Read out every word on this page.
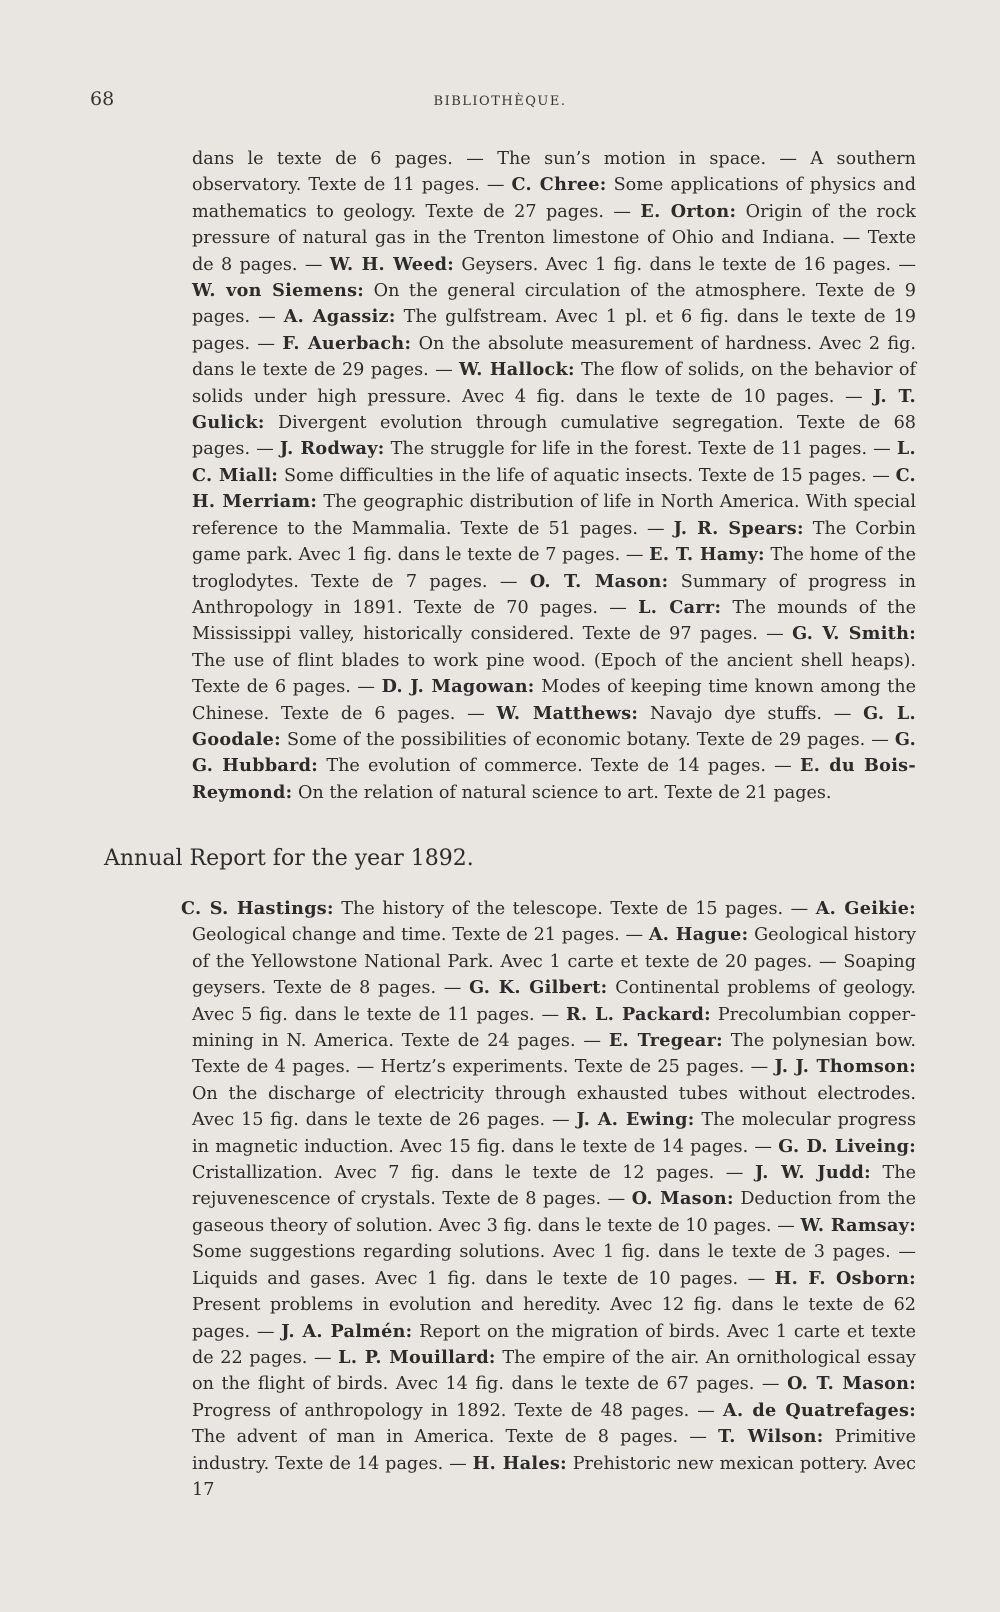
68	BIBLIOTHÈQUE.

dans le texte de 6 pages. — The sun’s motion in space. — A southern observatory. Texte de 11 pages. — C. Chree: Some applications of physics and mathematics to geology. Texte de 27 pages. — E. Orton: Origin of the rock pressure of natural gas in the Trenton limestone of Ohio and Indiana. — Texte de 8 pages. — W. H. Weed: Geysers. Avec 1 fig. dans le texte de 16 pages. — W. von Siemens: On the general circulation of the atmosphere. Texte de 9 pages. — A. Agassiz: The gulfstream. Avec 1 pl. et 6 fig. dans le texte de 19 pages. — F. Auerbach: On the absolute measurement of hardness. Avec 2 fig. dans le texte de 29 pages. — W. Hallock: The flow of solids, on the behavior of solids under high pressure. Avec 4 fig. dans le texte de 10 pages. — J. T. Gulick: Divergent evolution through cumulative segregation. Texte de 68 pages. — J. Rodway: The struggle for life in the forest. Texte de 11 pages. — L. C. Miall: Some difficulties in the life of aquatic insects. Texte de 15 pages. — C. H. Merriam: The geographic distribution of life in North America. With special reference to the Mammalia. Texte de 51 pages. — J. R. Spears: The Corbin game park. Avec 1 fig. dans le texte de 7 pages. — E. T. Hamy: The home of the troglodytes. Texte de 7 pages. — O. T. Mason: Summary of progress in Anthropology in 1891. Texte de 70 pages. — L. Carr: The mounds of the Mississippi valley, historically considered. Texte de 97 pages. — G. V. Smith: The use of flint blades to work pine wood. (Epoch of the ancient shell heaps). Texte de 6 pages. — D. J. Magowan: Modes of keeping time known among the Chinese. Texte de 6 pages. — W. Matthews: Navajo dye stuffs. — G. L. Goodale: Some of the possibilities of economic botany. Texte de 29 pages. — G. G. Hubbard: The evolution of commerce. Texte de 14 pages. — E. du Bois-Reymond: On the relation of natural science to art. Texte de 21 pages.

Annual Report for the year 1892.

C. S. Hastings: The history of the telescope. Texte de 15 pages. — A. Geikie: Geological change and time. Texte de 21 pages. — A. Hague: Geological history of the Yellowstone National Park. Avec 1 carte et texte de 20 pages. — Soaping geysers. Texte de 8 pages. — G. K. Gilbert: Continental problems of geology. Avec 5 fig. dans le texte de 11 pages. — R. L. Packard: Precolumbian copper-mining in N. America. Texte de 24 pages. — E. Tregear: The polynesian bow. Texte de 4 pages. — Hertz’s experiments. Texte de 25 pages. — J. J. Thomson: On the discharge of electricity through exhausted tubes without electrodes. Avec 15 fig. dans le texte de 26 pages. — J. A. Ewing: The molecular progress in magnetic induction. Avec 15 fig. dans le texte de 14 pages. — G. D. Liveing: Cristallization. Avec 7 fig. dans le texte de 12 pages. — J. W. Judd: The rejuvenescence of crystals. Texte de 8 pages. — O. Mason: Deduction from the gaseous theory of solution. Avec 3 fig. dans le texte de 10 pages. — W. Ramsay: Some suggestions regarding solutions. Avec 1 fig. dans le texte de 3 pages. — Liquids and gases. Avec 1 fig. dans le texte de 10 pages. — H. F. Osborn: Present problems in evolution and heredity. Avec 12 fig. dans le texte de 62 pages. — J. A. Palmén: Report on the migration of birds. Avec 1 carte et texte de 22 pages. — L. P. Mouillard: The empire of the air. An ornithological essay on the flight of birds. Avec 14 fig. dans le texte de 67 pages. — O. T. Mason: Progress of anthropology in 1892. Texte de 48 pages. — A. de Quatrefages: The advent of man in America. Texte de 8 pages. — T. Wilson: Primitive industry. Texte de 14 pages. — H. Hales: Prehistoric new mexican pottery. Avec 17
